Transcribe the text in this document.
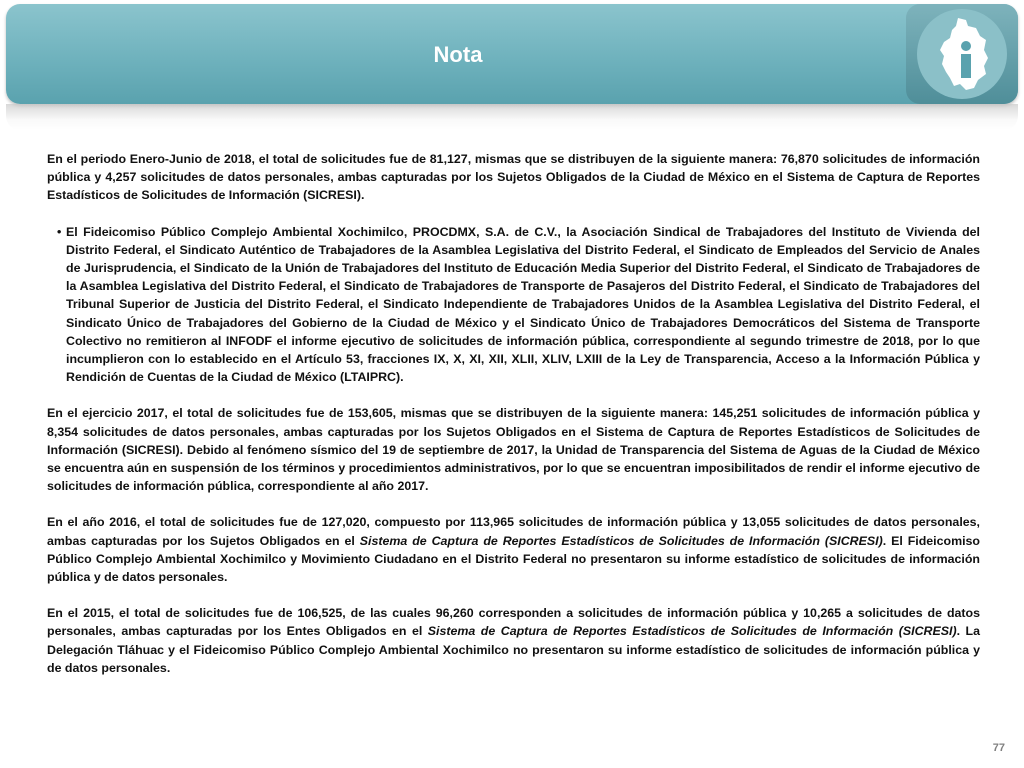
Nota

En el periodo Enero-Junio de 2018, el total de solicitudes fue de 81,127, mismas que se distribuyen de la siguiente manera: 76,870 solicitudes de información pública y 4,257 solicitudes de datos personales, ambas capturadas por los Sujetos Obligados de la Ciudad de México en el Sistema de Captura de Reportes Estadísticos de Solicitudes de Información (SICRESI).

• El Fideicomiso Público Complejo Ambiental Xochimilco, PROCDMX, S.A. de C.V., la Asociación Sindical de Trabajadores del Instituto de Vivienda del Distrito Federal, el Sindicato Auténtico de Trabajadores de la Asamblea Legislativa del Distrito Federal, el Sindicato de Empleados del Servicio de Anales de Jurisprudencia, el Sindicato de la Unión de Trabajadores del Instituto de Educación Media Superior del Distrito Federal, el Sindicato de Trabajadores de la Asamblea Legislativa del Distrito Federal, el Sindicato de Trabajadores de Transporte de Pasajeros del Distrito Federal, el Sindicato de Trabajadores del Tribunal Superior de Justicia del Distrito Federal, el Sindicato Independiente de Trabajadores Unidos de la Asamblea Legislativa del Distrito Federal, el Sindicato Único de Trabajadores del Gobierno de la Ciudad de México y el Sindicato Único de Trabajadores Democráticos del Sistema de Transporte Colectivo no remitieron al INFODF el informe ejecutivo de solicitudes de información pública, correspondiente al segundo trimestre de 2018, por lo que incumplieron con lo establecido en el Artículo 53, fracciones IX, X, XI, XII, XLII, XLIV, LXIII de la Ley de Transparencia, Acceso a la Información Pública y Rendición de Cuentas de la Ciudad de México (LTAIPRC).

En el ejercicio 2017, el total de solicitudes fue de 153,605, mismas que se distribuyen de la siguiente manera: 145,251 solicitudes de información pública y 8,354 solicitudes de datos personales, ambas capturadas por los Sujetos Obligados en el Sistema de Captura de Reportes Estadísticos de Solicitudes de Información (SICRESI). Debido al fenómeno sísmico del 19 de septiembre de 2017, la Unidad de Transparencia del Sistema de Aguas de la Ciudad de México se encuentra aún en suspensión de los términos y procedimientos administrativos, por lo que se encuentran imposibilitados de rendir el informe ejecutivo de solicitudes de información pública, correspondiente al año 2017.

En el año 2016, el total de solicitudes fue de 127,020, compuesto por 113,965 solicitudes de información pública y 13,055 solicitudes de datos personales, ambas capturadas por los Sujetos Obligados en el Sistema de Captura de Reportes Estadísticos de Solicitudes de Información (SICRESI). El Fideicomiso Público Complejo Ambiental Xochimilco y Movimiento Ciudadano en el Distrito Federal no presentaron su informe estadístico de solicitudes de información pública y de datos personales.

En el 2015, el total de solicitudes fue de 106,525, de las cuales 96,260 corresponden a solicitudes de información pública y 10,265 a solicitudes de datos personales, ambas capturadas por los Entes Obligados en el Sistema de Captura de Reportes Estadísticos de Solicitudes de Información (SICRESI). La Delegación Tláhuac y el Fideicomiso Público Complejo Ambiental Xochimilco no presentaron su informe estadístico de solicitudes de información pública y de datos personales.

77
